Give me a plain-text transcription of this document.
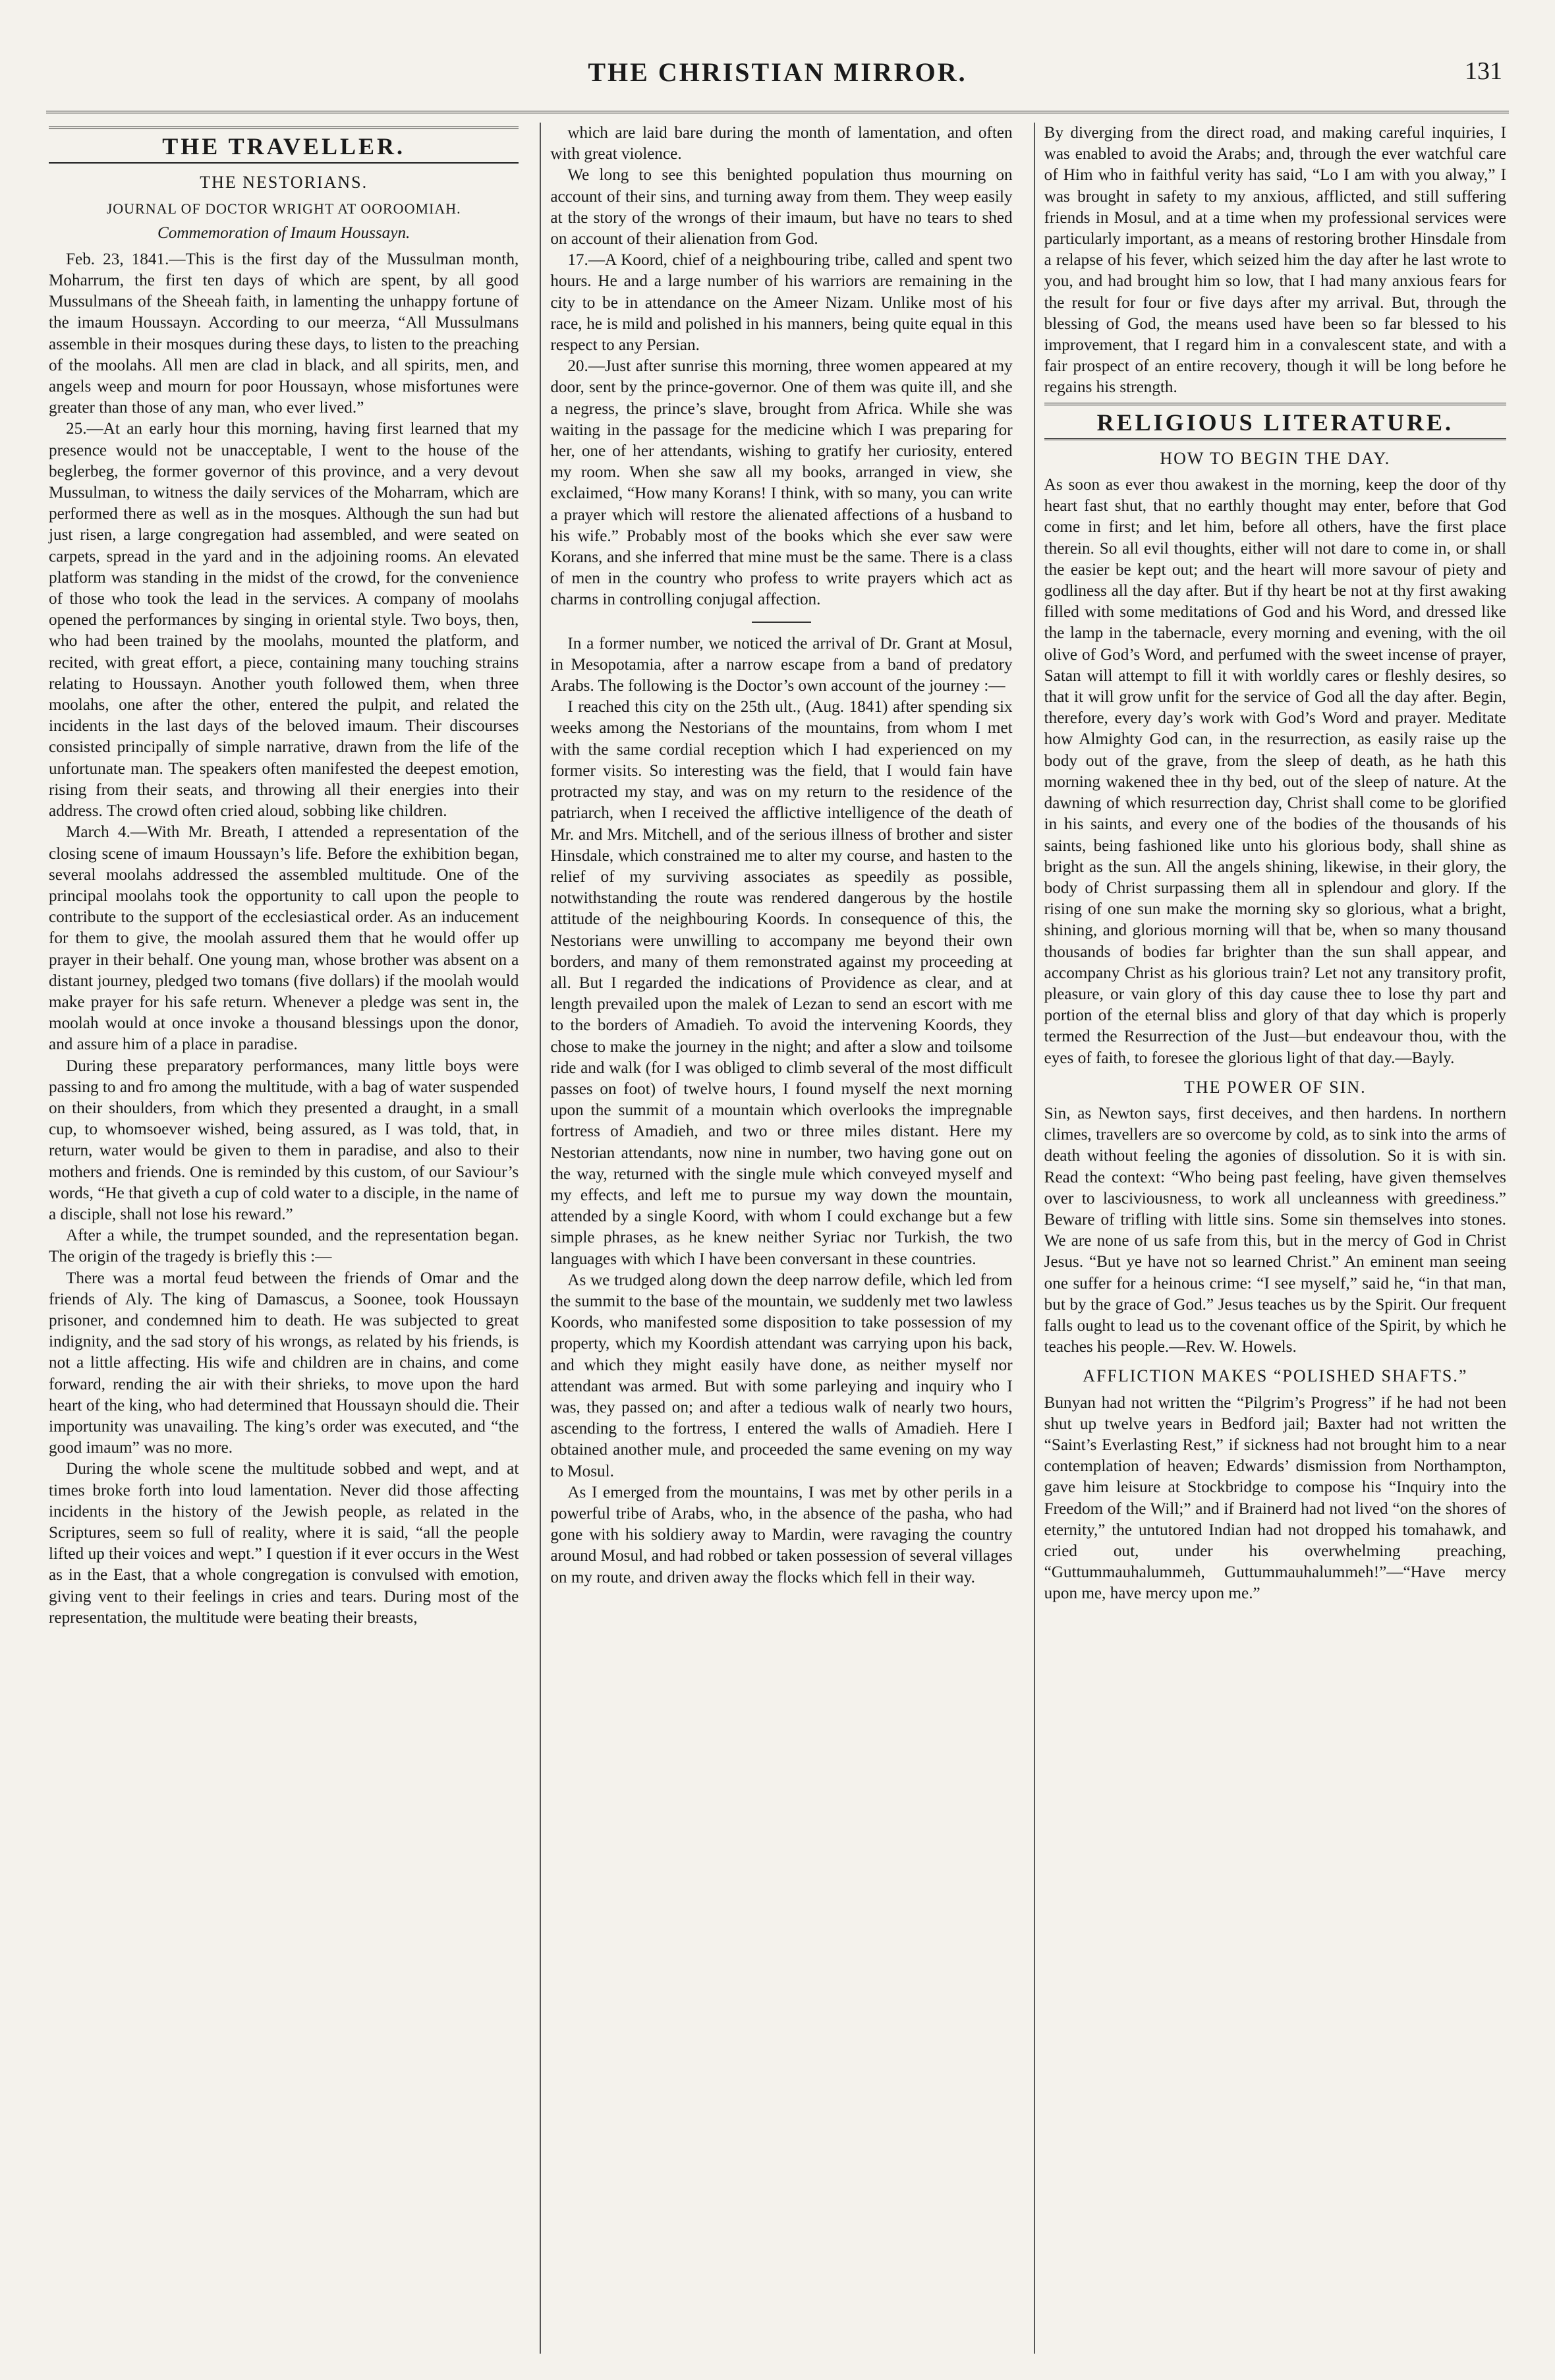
THE CHRISTIAN MIRROR.	131
THE TRAVELLER.
THE NESTORIANS.
JOURNAL OF DOCTOR WRIGHT AT OOROOMIAH.
Commemoration of Imaum Houssayn.

Feb. 23, 1841.—This is the first day of the Mussulman month, Moharrum, the first ten days of which are spent, by all good Mussulmans of the Sheeah faith, in lamenting the unhappy fortune of the imaum Houssayn. According to our meerza, “All Mussulmans assemble in their mosques during these days, to listen to the preaching of the moolahs. All men are clad in black, and all spirits, men, and angels weep and mourn for poor Houssayn, whose misfortunes were greater than those of any man, who ever lived.”

25.—At an early hour this morning, having first learned that my presence would not be unacceptable, I went to the house of the beglerbeg, the former governor of this province, and a very devout Mussulman, to witness the daily services of the Moharram, which are performed there as well as in the mosques. Although the sun had but just risen, a large congregation had assembled, and were seated on carpets, spread in the yard and in the adjoining rooms. An elevated platform was standing in the midst of the crowd, for the convenience of those who took the lead in the services. A company of moolahs opened the performances by singing in oriental style. Two boys, then, who had been trained by the moolahs, mounted the platform, and recited, with great effort, a piece, containing many touching strains relating to Houssayn. Another youth followed them, when three moolahs, one after the other, entered the pulpit, and related the incidents in the last days of the beloved imaum. Their discourses consisted principally of simple narrative, drawn from the life of the unfortunate man. The speakers often manifested the deepest emotion, rising from their seats, and throwing all their energies into their address. The crowd often cried aloud, sobbing like children.

March 4.—With Mr. Breath, I attended a representation of the closing scene of imaum Houssayn’s life. Before the exhibition began, several moolahs addressed the assembled multitude. One of the principal moolahs took the opportunity to call upon the people to contribute to the support of the ecclesiastical order. As an inducement for them to give, the moolah assured them that he would offer up prayer in their behalf. One young man, whose brother was absent on a distant journey, pledged two tomans (five dollars) if the moolah would make prayer for his safe return. Whenever a pledge was sent in, the moolah would at once invoke a thousand blessings upon the donor, and assure him of a place in paradise.

During these preparatory performances, many little boys were passing to and fro among the multitude, with a bag of water suspended on their shoulders, from which they presented a draught, in a small cup, to whomsoever wished, being assured, as I was told, that, in return, water would be given to them in paradise, and also to their mothers and friends. One is reminded by this custom, of our Saviour’s words, “He that giveth a cup of cold water to a disciple, in the name of a disciple, shall not lose his reward.”

After a while, the trumpet sounded, and the representation began. The origin of the tragedy is briefly this :—

There was a mortal feud between the friends of Omar and the friends of Aly. The king of Damascus, a Soonee, took Houssayn prisoner, and condemned him to death. He was subjected to great indignity, and the sad story of his wrongs, as related by his friends, is not a little affecting. His wife and children are in chains, and come forward, rending the air with their shrieks, to move upon the hard heart of the king, who had determined that Houssayn should die. Their importunity was unavailing. The king’s order was executed, and “the good imaum” was no more.

During the whole scene the multitude sobbed and wept, and at times broke forth into loud lamentation. Never did those affecting incidents in the history of the Jewish people, as related in the Scriptures, seem so full of reality, where it is said, “all the people lifted up their voices and wept.” I question if it ever occurs in the West as in the East, that a whole congregation is convulsed with emotion, giving vent to their feelings in cries and tears. During most of the representation, the multitude were beating their breasts,

which are laid bare during the month of lamentation, and often with great violence.

We long to see this benighted population thus mourning on account of their sins, and turning away from them. They weep easily at the story of the wrongs of their imaum, but have no tears to shed on account of their alienation from God.

17.—A Koord, chief of a neighbouring tribe, called and spent two hours. He and a large number of his warriors are remaining in the city to be in attendance on the Ameer Nizam. Unlike most of his race, he is mild and polished in his manners, being quite equal in this respect to any Persian.

20.—Just after sunrise this morning, three women appeared at my door, sent by the prince-governor. One of them was quite ill, and she a negress, the prince’s slave, brought from Africa. While she was waiting in the passage for the medicine which I was preparing for her, one of her attendants, wishing to gratify her curiosity, entered my room. When she saw all my books, arranged in view, she exclaimed, “How many Korans! I think, with so many, you can write a prayer which will restore the alienated affections of a husband to his wife.” Probably most of the books which she ever saw were Korans, and she inferred that mine must be the same. There is a class of men in the country who profess to write prayers which act as charms in controlling conjugal affection.

In a former number, we noticed the arrival of Dr. Grant at Mosul, in Mesopotamia, after a narrow escape from a band of predatory Arabs. The following is the Doctor’s own account of the journey :—

I reached this city on the 25th ult., (Aug. 1841) after spending six weeks among the Nestorians of the mountains, from whom I met with the same cordial reception which I had experienced on my former visits. So interesting was the field, that I would fain have protracted my stay, and was on my return to the residence of the patriarch, when I received the afflictive intelligence of the death of Mr. and Mrs. Mitchell, and of the serious illness of brother and sister Hinsdale, which constrained me to alter my course, and hasten to the relief of my surviving associates as speedily as possible, notwithstanding the route was rendered dangerous by the hostile attitude of the neighbouring Koords. In consequence of this, the Nestorians were unwilling to accompany me beyond their own borders, and many of them remonstrated against my proceeding at all. But I regarded the indications of Providence as clear, and at length prevailed upon the malek of Lezan to send an escort with me to the borders of Amadieh. To avoid the intervening Koords, they chose to make the journey in the night; and after a slow and toilsome ride and walk (for I was obliged to climb several of the most difficult passes on foot) of twelve hours, I found myself the next morning upon the summit of a mountain which overlooks the impregnable fortress of Amadieh, and two or three miles distant. Here my Nestorian attendants, now nine in number, two having gone out on the way, returned with the single mule which conveyed myself and my effects, and left me to pursue my way down the mountain, attended by a single Koord, with whom I could exchange but a few simple phrases, as he knew neither Syriac nor Turkish, the two languages with which I have been conversant in these countries.

As we trudged along down the deep narrow defile, which led from the summit to the base of the mountain, we suddenly met two lawless Koords, who manifested some disposition to take possession of my property, which my Koordish attendant was carrying upon his back, and which they might easily have done, as neither myself nor attendant was armed. But with some parleying and inquiry who I was, they passed on; and after a tedious walk of nearly two hours, ascending to the fortress, I entered the walls of Amadieh. Here I obtained another mule, and proceeded the same evening on my way to Mosul.

As I emerged from the mountains, I was met by other perils in a powerful tribe of Arabs, who, in the absence of the pasha, who had gone with his soldiery away to Mardin, were ravaging the country around Mosul, and had robbed or taken possession of several villages on my route, and driven away the flocks which fell in their way.

By diverging from the direct road, and making careful inquiries, I was enabled to avoid the Arabs; and, through the ever watchful care of Him who in faithful verity has said, “Lo I am with you alway,” I was brought in safety to my anxious, afflicted, and still suffering friends in Mosul, and at a time when my professional services were particularly important, as a means of restoring brother Hinsdale from a relapse of his fever, which seized him the day after he last wrote to you, and had brought him so low, that I had many anxious fears for the result for four or five days after my arrival. But, through the blessing of God, the means used have been so far blessed to his improvement, that I regard him in a convalescent state, and with a fair prospect of an entire recovery, though it will be long before he regains his strength.

RELIGIOUS LITERATURE.
HOW TO BEGIN THE DAY.

As soon as ever thou awakest in the morning, keep the door of thy heart fast shut, that no earthly thought may enter, before that God come in first; and let him, before all others, have the first place therein. So all evil thoughts, either will not dare to come in, or shall the easier be kept out; and the heart will more savour of piety and godliness all the day after. But if thy heart be not at thy first awaking filled with some meditations of God and his Word, and dressed like the lamp in the tabernacle, every morning and evening, with the oil olive of God’s Word, and perfumed with the sweet incense of prayer, Satan will attempt to fill it with worldly cares or fleshly desires, so that it will grow unfit for the service of God all the day after. Begin, therefore, every day’s work with God’s Word and prayer. Meditate how Almighty God can, in the resurrection, as easily raise up the body out of the grave, from the sleep of death, as he hath this morning wakened thee in thy bed, out of the sleep of nature. At the dawning of which resurrection day, Christ shall come to be glorified in his saints, and every one of the bodies of the thousands of his saints, being fashioned like unto his glorious body, shall shine as bright as the sun. All the angels shining, likewise, in their glory, the body of Christ surpassing them all in splendour and glory. If the rising of one sun make the morning sky so glorious, what a bright, shining, and glorious morning will that be, when so many thousand thousands of bodies far brighter than the sun shall appear, and accompany Christ as his glorious train? Let not any transitory profit, pleasure, or vain glory of this day cause thee to lose thy part and portion of the eternal bliss and glory of that day which is properly termed the Resurrection of the Just—but endeavour thou, with the eyes of faith, to foresee the glorious light of that day.—Bayly.

THE POWER OF SIN.

Sin, as Newton says, first deceives, and then hardens. In northern climes, travellers are so overcome by cold, as to sink into the arms of death without feeling the agonies of dissolution. So it is with sin. Read the context: “Who being past feeling, have given themselves over to lasciviousness, to work all uncleanness with greediness.” Beware of trifling with little sins. Some sin themselves into stones. We are none of us safe from this, but in the mercy of God in Christ Jesus. “But ye have not so learned Christ.” An eminent man seeing one suffer for a heinous crime: “I see myself,” said he, “in that man, but by the grace of God.” Jesus teaches us by the Spirit. Our frequent falls ought to lead us to the covenant office of the Spirit, by which he teaches his people.—Rev. W. Howels.

AFFLICTION MAKES “POLISHED SHAFTS.”

Bunyan had not written the “Pilgrim’s Progress” if he had not been shut up twelve years in Bedford jail; Baxter had not written the “Saint’s Everlasting Rest,” if sickness had not brought him to a near contemplation of heaven; Edwards’ dismission from Northampton, gave him leisure at Stockbridge to compose his “Inquiry into the Freedom of the Will;” and if Brainerd had not lived “on the shores of eternity,” the untutored Indian had not dropped his tomahawk, and cried out, under his overwhelming preaching, “Guttummauhalummeh, Guttummauhalummeh!”—“Have mercy upon me, have mercy upon me.”
